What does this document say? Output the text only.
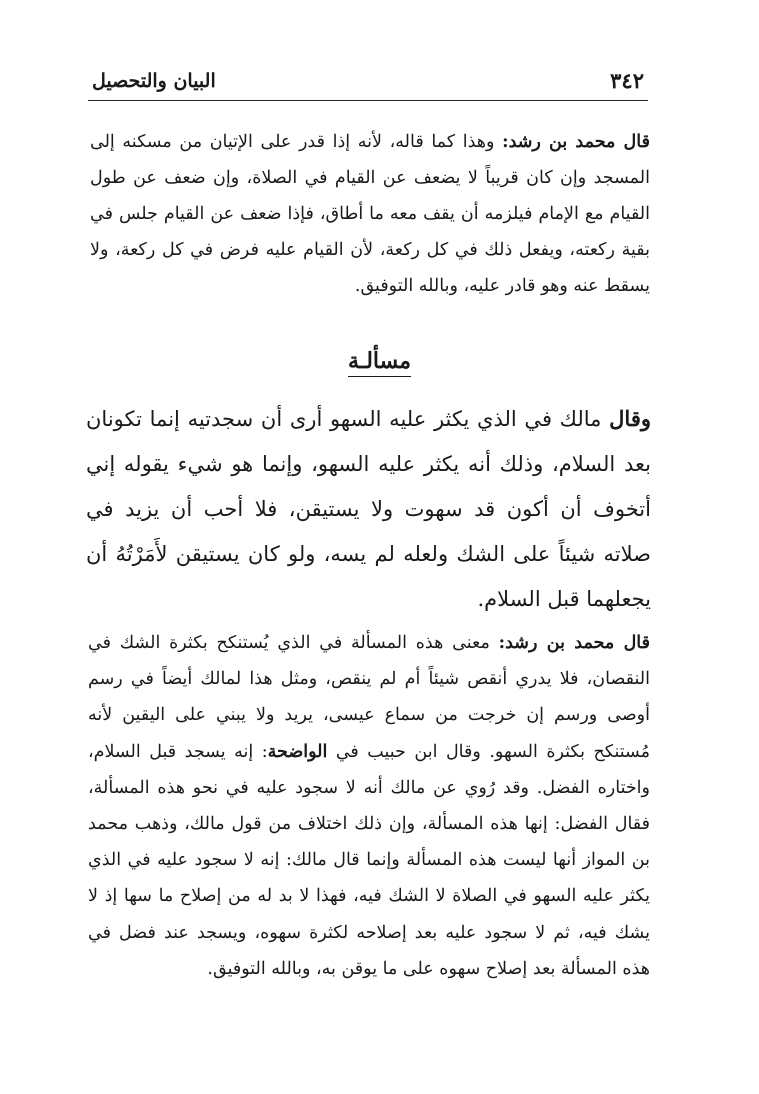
البيان والتحصيل	٣٤٢
قال محمد بن رشد: وهذا كما قاله، لأنه إذا قدر على الإتيان من مسكنه إلى المسجد وإن كان قريباً لا يضعف عن القيام في الصلاة، وإن ضعف عن طول القيام مع الإمام فيلزمه أن يقف معه ما أطاق، فإذا ضعف عن القيام جلس في بقية ركعته، ويفعل ذلك في كل ركعة، لأن القيام عليه فرض في كل ركعة، ولا يسقط عنه وهو قادر عليه، وبالله التوفيق.
مسألـة
وقال مالك في الذي يكثر عليه السهو أرى أن سجدتيه إنما تكونان بعد السلام، وذلك أنه يكثر عليه السهو، وإنما هو شيء يقوله إني أتخوف أن أكون قد سهوت ولا يستيقن، فلا أحب أن يزيد في صلاته شيئاً على الشك ولعله لم يسه، ولو كان يستيقن لأَمَرْتُهُ أن يجعلهما قبل السلام.
قال محمد بن رشد: معنى هذه المسألة في الذي يُستنكح بكثرة الشك في النقصان، فلا يدري أنقص شيئاً أم لم ينقص، ومثل هذا لمالك أيضاً في رسم أوصى ورسم إن خرجت من سماع عيسى، يريد ولا يبني على اليقين لأنه مُستنكح بكثرة السهو. وقال ابن حبيب في الواضحة: إنه يسجد قبل السلام، واختاره الفضل. وقد رُوي عن مالك أنه لا سجود عليه في نحو هذه المسألة، فقال الفضل: إنها هذه المسألة، وإن ذلك اختلاف من قول مالك، وذهب محمد بن المواز أنها ليست هذه المسألة وإنما قال مالك: إنه لا سجود عليه في الذي يكثر عليه السهو في الصلاة لا الشك فيه، فهذا لا بد له من إصلاح ما سها إذ لا يشك فيه، ثم لا سجود عليه بعد إصلاحه لكثرة سهوه، ويسجد عند فضل في هذه المسألة بعد إصلاح سهوه على ما يوقن به، وبالله التوفيق.
